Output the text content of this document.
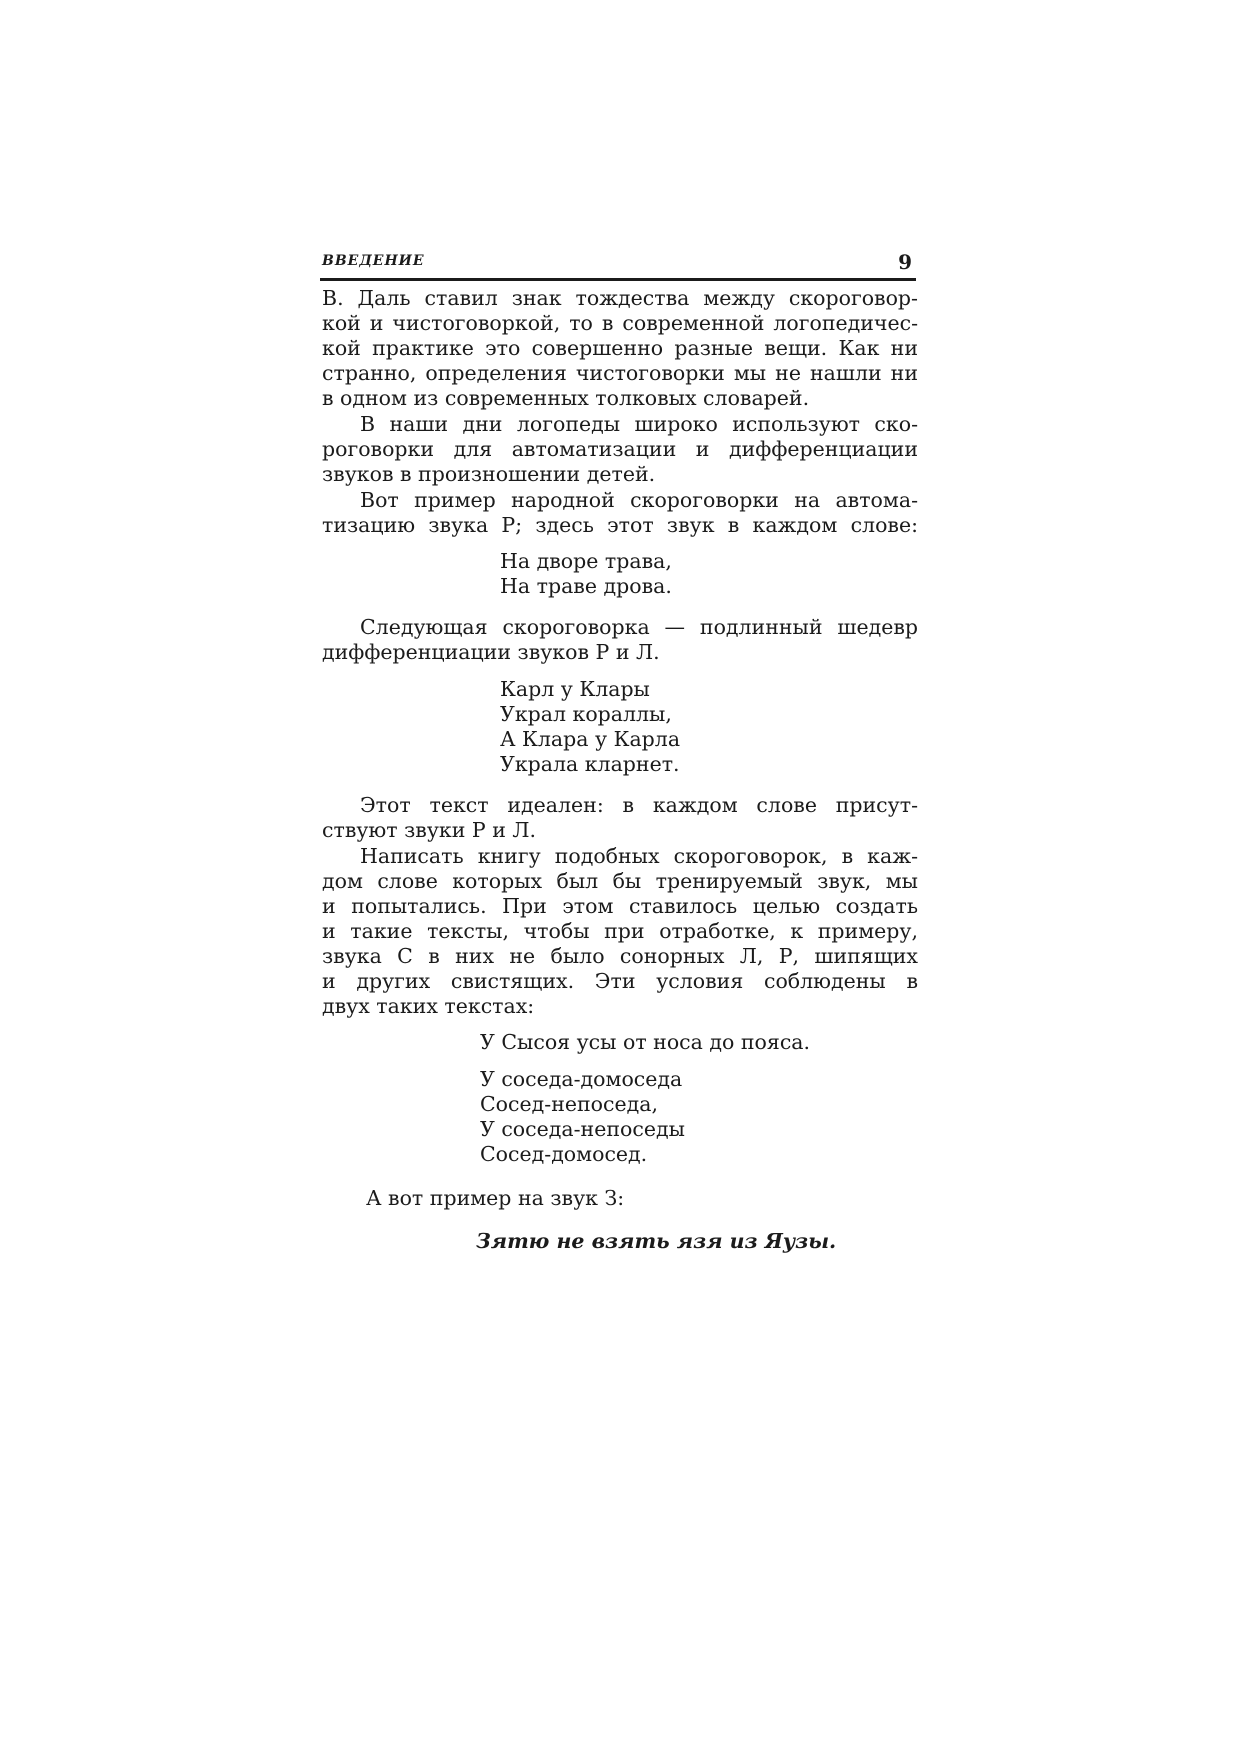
ВВЕДЕНИЕ	9
В. Даль ставил знак тождества между скороговор-
кой и чистоговоркой, то в современной логопедичес-
кой практике это совершенно разные вещи. Как ни
странно, определения чистоговорки мы не нашли ни
в одном из современных толковых словарей.
В наши дни логопеды широко используют ско-
роговорки для автоматизации и дифференциации
звуков в произношении детей.
Вот пример народной скороговорки на автома-
тизацию звука Р; здесь этот звук в каждом слове:
На дворе трава,
На траве дрова.
Следующая скороговорка — подлинный шедевр
дифференциации звуков Р и Л.
Карл у Клары
Украл кораллы,
А Клара у Карла
Украла кларнет.
Этот текст идеален: в каждом слове присут-
ствуют звуки Р и Л.
Написать книгу подобных скороговорок, в каж-
дом слове которых был бы тренируемый звук, мы
и попытались. При этом ставилось целью создать
и такие тексты, чтобы при отработке, к примеру,
звука С в них не было сонорных Л, Р, шипящих
и других свистящих. Эти условия соблюдены в
двух таких текстах:
У Сысоя усы от носа до пояса.
У соседа-домоседа
Сосед-непоседа,
У соседа-непоседы
Сосед-домосед.
А вот пример на звук З:
Зятю не взять язя из Яузы.
